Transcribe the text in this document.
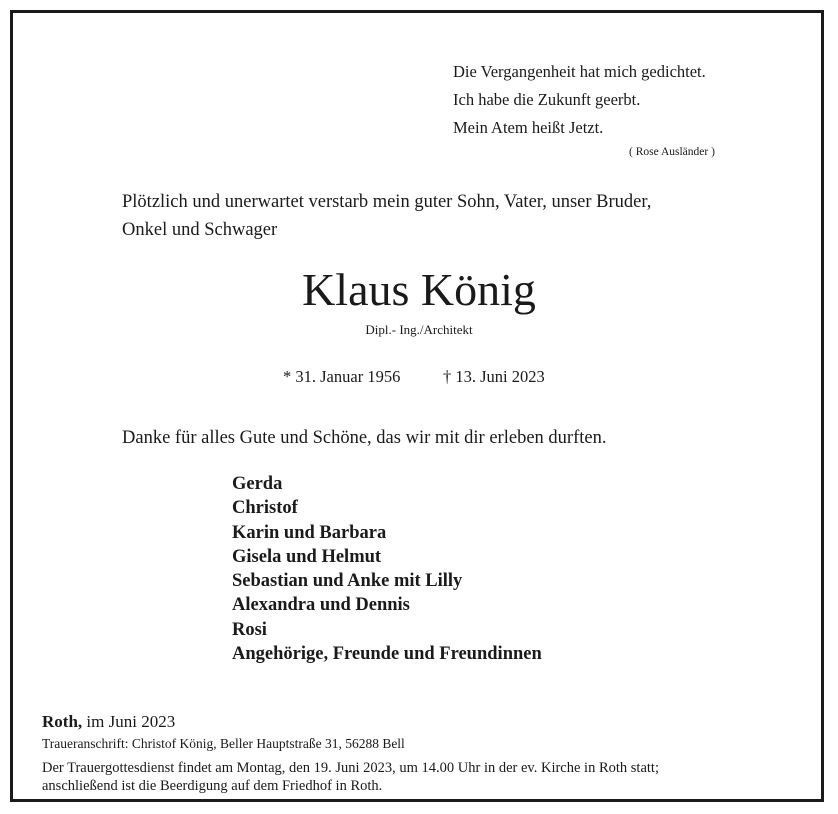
Die Vergangenheit hat mich gedichtet.
Ich habe die Zukunft geerbt.
Mein Atem heißt Jetzt.
( Rose Ausländer )
Plötzlich und unerwartet verstarb mein guter Sohn, Vater, unser Bruder,
Onkel und Schwager
Klaus König
Dipl.- Ing./Architekt
* 31. Januar 1956	† 13. Juni 2023
Danke für alles Gute und Schöne, das wir mit dir erleben durften.
Gerda
Christof
Karin und Barbara
Gisela und Helmut
Sebastian und Anke mit Lilly
Alexandra und Dennis
Rosi
Angehörige, Freunde und Freundinnen
Roth, im Juni 2023
Traueranschrift: Christof König, Beller Hauptstraße 31, 56288 Bell
Der Trauergottesdienst findet am Montag, den 19. Juni 2023, um 14.00 Uhr in der ev. Kirche in Roth statt;
anschließend ist die Beerdigung auf dem Friedhof in Roth.
